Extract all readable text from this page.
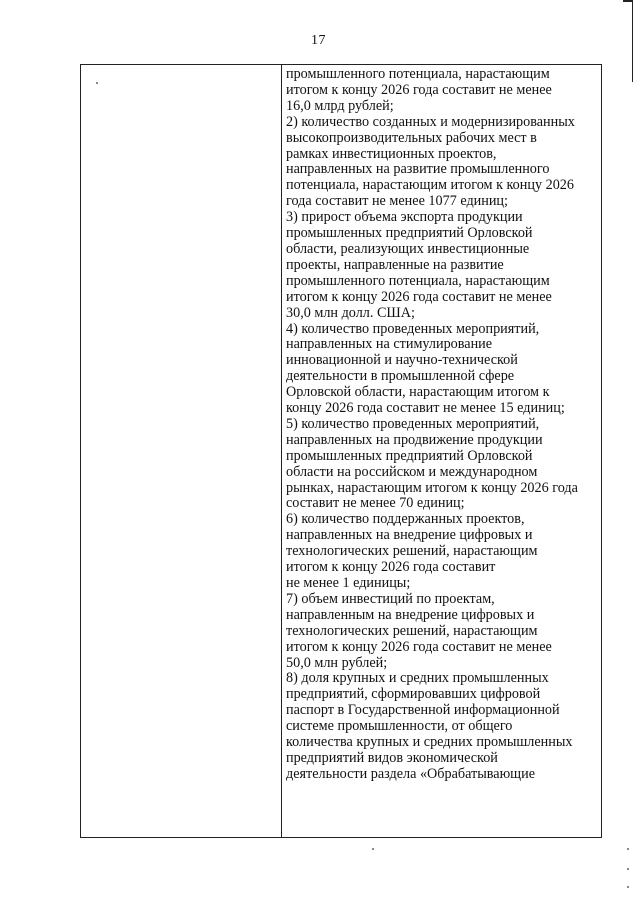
17
промышленного потенциала, нарастающим
итогом к концу 2026 года составит не менее
16,0 млрд рублей;
2) количество созданных и модернизированных
высокопроизводительных рабочих мест в
рамках инвестиционных проектов,
направленных на развитие промышленного
потенциала, нарастающим итогом к концу 2026
года составит не менее 1077 единиц;
3) прирост объема экспорта продукции
промышленных предприятий Орловской
области, реализующих инвестиционные
проекты, направленные на развитие
промышленного потенциала, нарастающим
итогом к концу 2026 года составит не менее
30,0 млн долл. США;
4) количество проведенных мероприятий,
направленных на стимулирование
инновационной и научно-технической
деятельности в промышленной сфере
Орловской области, нарастающим итогом к
концу 2026 года составит не менее 15 единиц;
5) количество проведенных мероприятий,
направленных на продвижение продукции
промышленных предприятий Орловской
области на российском и международном
рынках, нарастающим итогом к концу 2026 года
составит не менее 70 единиц;
6) количество поддержанных проектов,
направленных на внедрение цифровых и
технологических решений, нарастающим
итогом к концу 2026 года составит
не менее 1 единицы;
7) объем инвестиций по проектам,
направленным на внедрение цифровых и
технологических решений, нарастающим
итогом к концу 2026 года составит не менее
50,0 млн рублей;
8) доля крупных и средних промышленных
предприятий, сформировавших цифровой
паспорт в Государственной информационной
системе промышленности, от общего
количества крупных и средних промышленных
предприятий видов экономической
деятельности раздела «Обрабатывающие
